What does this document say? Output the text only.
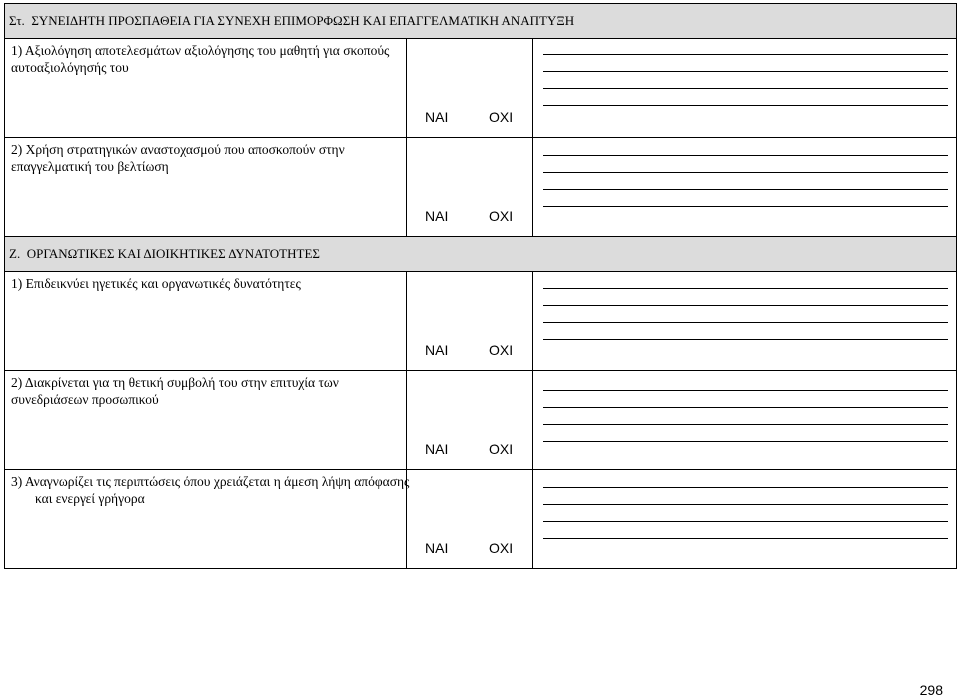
Στ. ΣΥΝΕΙΔΗΤΗ ΠΡΟΣΠΑΘΕΙΑ ΓΙΑ ΣΥΝΕΧΗ ΕΠΙΜΟΡΦΩΣΗ ΚΑΙ ΕΠΑΓΓΕΛΜΑΤΙΚΗ ΑΝΑΠΤΥΞΗ		

1) Αξιολόγηση αποτελεσμάτων αξιολόγησης του μαθητή για σκοπούς αυτοαξιολόγησής του	ΝΑΙ ΟΧΙ	

2) Χρήση στρατηγικών αναστοχασμού που αποσκοπούν στην επαγγελματική του βελτίωση	ΝΑΙ ΟΧΙ	

Ζ. ΟΡΓΑΝΩΤΙΚΕΣ ΚΑΙ ΔΙΟΙΚΗΤΙΚΕΣ ΔΥΝΑΤΟΤΗΤΕΣ		

1) Επιδεικνύει ηγετικές και οργανωτικές δυνατότητες	ΝΑΙ ΟΧΙ	

2) Διακρίνεται για τη θετική συμβολή του στην επιτυχία των συνεδριάσεων προσωπικού	ΝΑΙ ΟΧΙ	

3) Αναγνωρίζει τις περιπτώσεις όπου χρειάζεται η άμεση λήψη απόφασης και ενεργεί γρήγορα	ΝΑΙ ΟΧΙ	

298
